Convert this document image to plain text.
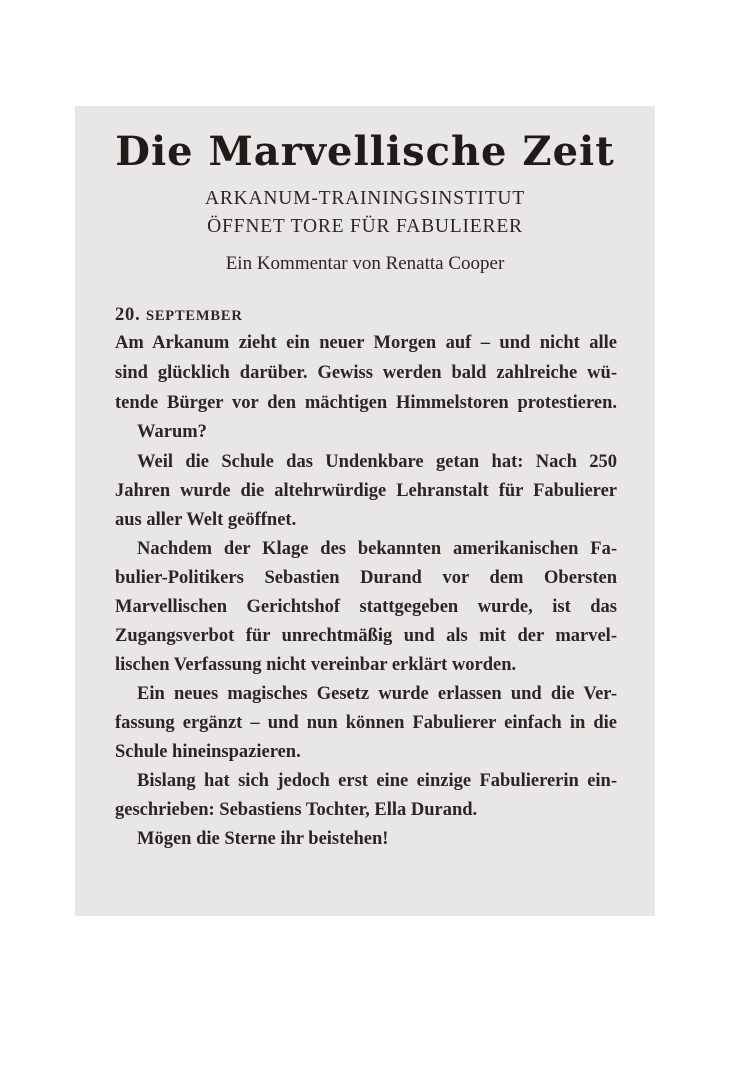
Die Marvellische Zeit
ARKANUM-TRAININGSINSTITUT
ÖFFNET TORE FÜR FABULIERER
Ein Kommentar von Renatta Cooper
20. SEPTEMBER
Am Arkanum zieht ein neuer Morgen auf – und nicht alle
sind glücklich darüber. Gewiss werden bald zahlreiche wü-
tende Bürger vor den mächtigen Himmelstoren protestieren.
Warum?
Weil die Schule das Undenkbare getan hat: Nach 250
Jahren wurde die altehrwürdige Lehranstalt für Fabulierer
aus aller Welt geöffnet.
Nachdem der Klage des bekannten amerikanischen Fa-
bulier-Politikers Sebastien Durand vor dem Obersten
Marvellischen Gerichtshof stattgegeben wurde, ist das
Zugangsverbot für unrechtmäßig und als mit der marvel-
lischen Verfassung nicht vereinbar erklärt worden.
Ein neues magisches Gesetz wurde erlassen und die Ver-
fassung ergänzt – und nun können Fabulierer einfach in die
Schule hineinspazieren.
Bislang hat sich jedoch erst eine einzige Fabuliererin ein-
geschrieben: Sebastiens Tochter, Ella Durand.
Mögen die Sterne ihr beistehen!
